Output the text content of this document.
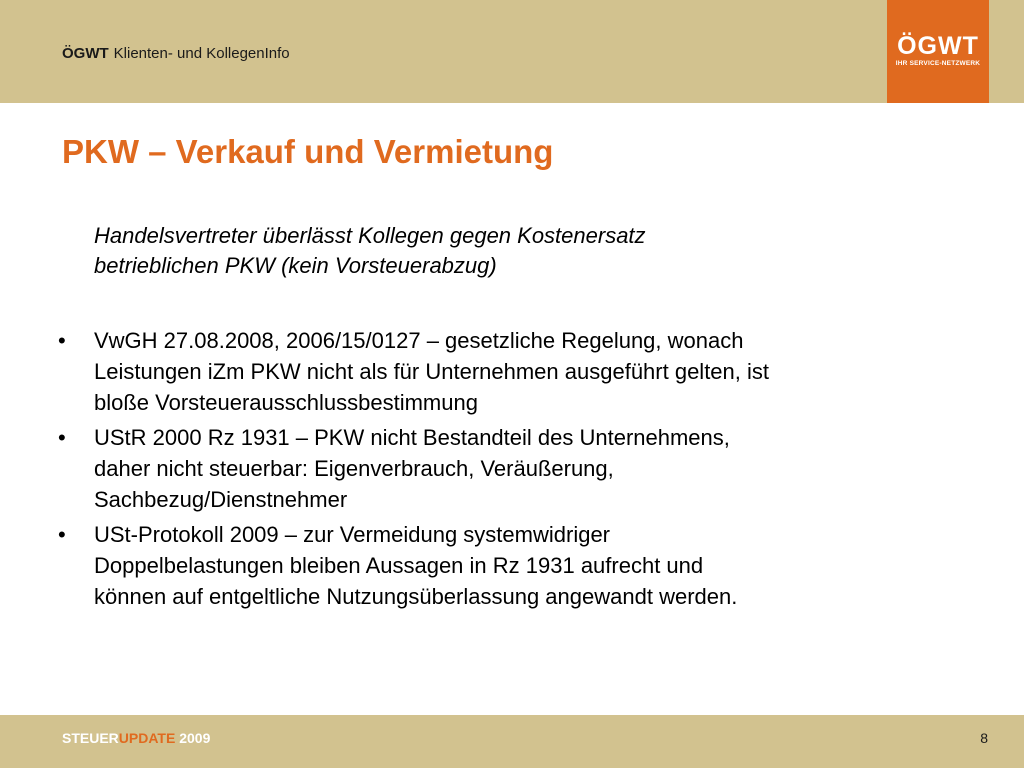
ÖGWT Klienten- und KollegenInfo	ÖGWT
IHR SERVICE-NETZWERK
PKW – Verkauf und Vermietung
Handelsvertreter überlässt Kollegen gegen Kostenersatz
betrieblichen PKW (kein Vorsteuerabzug)
• VwGH 27.08.2008, 2006/15/0127 – gesetzliche Regelung, wonach
Leistungen iZm PKW nicht als für Unternehmen ausgeführt gelten, ist
bloße Vorsteuerausschlussbestimmung
• UStR 2000 Rz 1931 – PKW nicht Bestandteil des Unternehmens,
daher nicht steuerbar: Eigenverbrauch, Veräußerung,
Sachbezug/Dienstnehmer
• USt-Protokoll 2009 – zur Vermeidung systemwidriger
Doppelbelastungen bleiben Aussagen in Rz 1931 aufrecht und
können auf entgeltliche Nutzungsüberlassung angewandt werden.
STEUERUPDATE 2009	8
